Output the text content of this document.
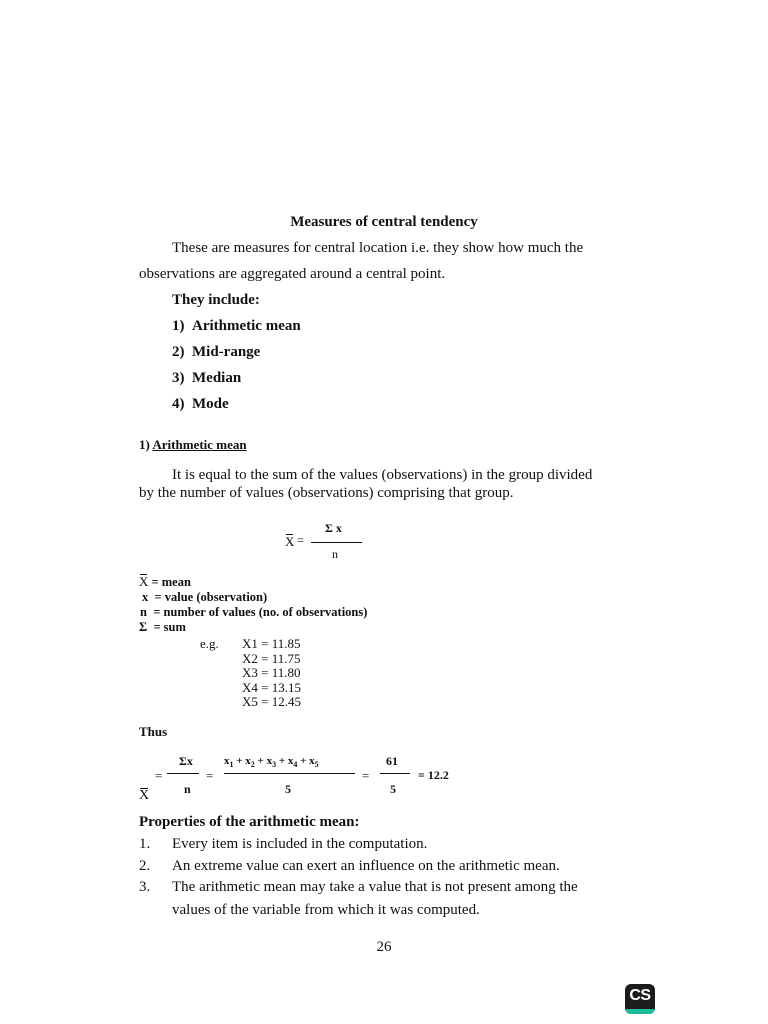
Measures of central tendency
These are measures for central location i.e. they show how much the
observations are aggregated around a central point.
They include:
1) Arithmetic mean
2) Mid-range
3) Median
4) Mode
1) Arithmetic mean
It is equal to the sum of the values (observations) in the group divided
by the number of values (observations) comprising that group.
X =
Σ x
n
X = mean
x = value (observation)
n = number of values (no. of observations)
Σ = sum
e.g. X1 = 11.85
X2 = 11.75
X3 = 11.80
X4 = 13.15
X5 = 12.45
Thus
X
=
Σx
n
=
$x_1 + x_2 + x_3 + x_4 + x_5$
5
=
61
5
= 12.2
Properties of the arithmetic mean:
1. Every item is included in the computation.
2. An extreme value can exert an influence on the arithmetic mean.
3. The arithmetic mean may take a value that is not present among the
values of the variable from which it was computed.
26
CS
